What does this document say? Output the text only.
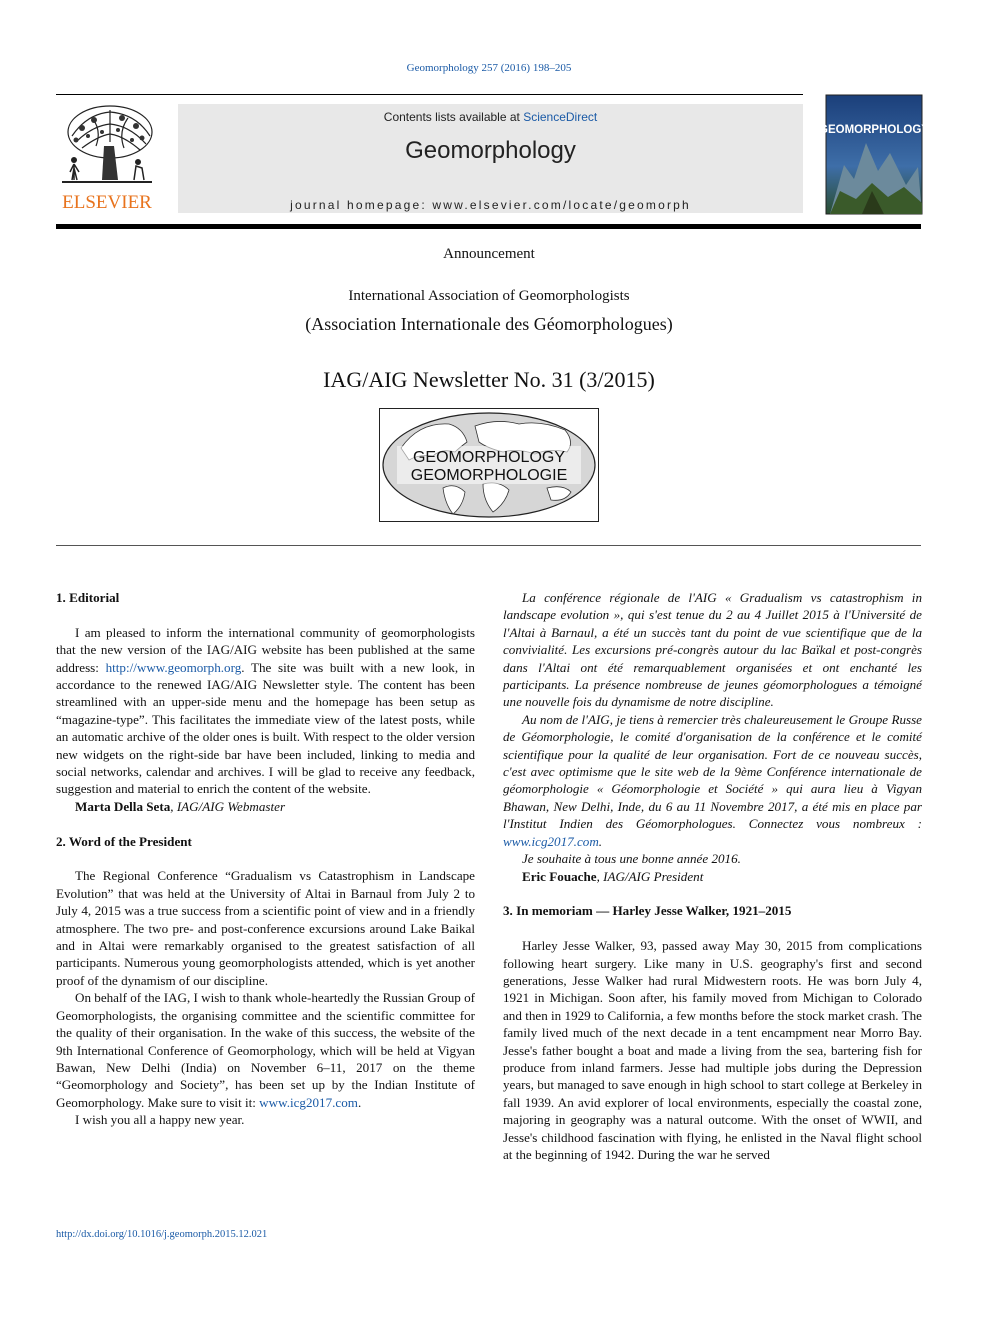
Geomorphology 257 (2016) 198–205
ELSEVIER
Contents lists available at ScienceDirect
Geomorphology
journal homepage: www.elsevier.com/locate/geomorph
GEOMORPHOLOGY
Announcement
International Association of Geomorphologists
(Association Internationale des Géomorphologues)
IAG/AIG Newsletter No. 31 (3/2015)
GEOMORPHOLOGY
GEOMORPHOLOGIE
1. Editorial

I am pleased to inform the international community of geomorphologists that the new version of the IAG/AIG website has been published at the same address: http://www.geomorph.org. The site was built with a new look, in accordance to the renewed IAG/AIG Newsletter style. The content has been streamlined with an upper-side menu and the homepage has been setup as “magazine-type”. This facilitates the immediate view of the latest posts, while an automatic archive of the older ones is built. With respect to the older version new widgets on the right-side bar have been included, linking to media and social networks, calendar and archives. I will be glad to receive any feedback, suggestion and material to enrich the content of the website.

Marta Della Seta, IAG/AIG Webmaster

2. Word of the President

The Regional Conference “Gradualism vs Catastrophism in Landscape Evolution” that was held at the University of Altai in Barnaul from July 2 to July 4, 2015 was a true success from a scientific point of view and in a friendly atmosphere. The two pre- and post-conference excursions around Lake Baikal and in Altai were remarkably organised to the greatest satisfaction of all participants. Numerous young geomorphologists attended, which is yet another proof of the dynamism of our discipline.

On behalf of the IAG, I wish to thank whole-heartedly the Russian Group of Geomorphologists, the organising committee and the scientific committee for the quality of their organisation. In the wake of this success, the website of the 9th International Conference of Geomorphology, which will be held at Vigyan Bawan, New Delhi (India) on November 6–11, 2017 on the theme “Geomorphology and Society”, has been set up by the Indian Institute of Geomorphology. Make sure to visit it: www.icg2017.com.

I wish you all a happy new year.

La conférence régionale de l'AIG « Gradualism vs catastrophism in landscape evolution », qui s'est tenue du 2 au 4 Juillet 2015 à l'Université de l'Altai à Barnaul, a été un succès tant du point de vue scientifique que de la convivialité. Les excursions pré-congrès autour du lac Baïkal et post-congrès dans l'Altai ont été remarquablement organisées et ont enchanté les participants. La présence nombreuse de jeunes géomorphologues a témoigné une nouvelle fois du dynamisme de notre discipline.

Au nom de l'AIG, je tiens à remercier très chaleureusement le Groupe Russe de Géomorphologie, le comité d'organisation de la conférence et le comité scientifique pour la qualité de leur organisation. Fort de ce nouveau succès, c'est avec optimisme que le site web de la 9ème Conférence internationale de géomorphologie « Géomorphologie et Société » qui aura lieu à Vigyan Bhawan, New Delhi, Inde, du 6 au 11 Novembre 2017, a été mis en place par l'Institut Indien des Géomorphologues. Connectez vous nombreux : www.icg2017.com.

Je souhaite à tous une bonne année 2016.

Eric Fouache, IAG/AIG President

3. In memoriam — Harley Jesse Walker, 1921–2015

Harley Jesse Walker, 93, passed away May 30, 2015 from complications following heart surgery. Like many in U.S. geography's first and second generations, Jesse Walker had rural Midwestern roots. He was born July 4, 1921 in Michigan. Soon after, his family moved from Michigan to Colorado and then in 1929 to California, a few months before the stock market crash. The family lived much of the next decade in a tent encampment near Morro Bay. Jesse's father bought a boat and made a living from the sea, bartering fish for produce from inland farmers. Jesse had multiple jobs during the Depression years, but managed to save enough in high school to start college at Berkeley in fall 1939. An avid explorer of local environments, especially the coastal zone, majoring in geography was a natural outcome. With the onset of WWII, and Jesse's childhood fascination with flying, he enlisted in the Naval flight school at the beginning of 1942. During the war he served

http://dx.doi.org/10.1016/j.geomorph.2015.12.021
